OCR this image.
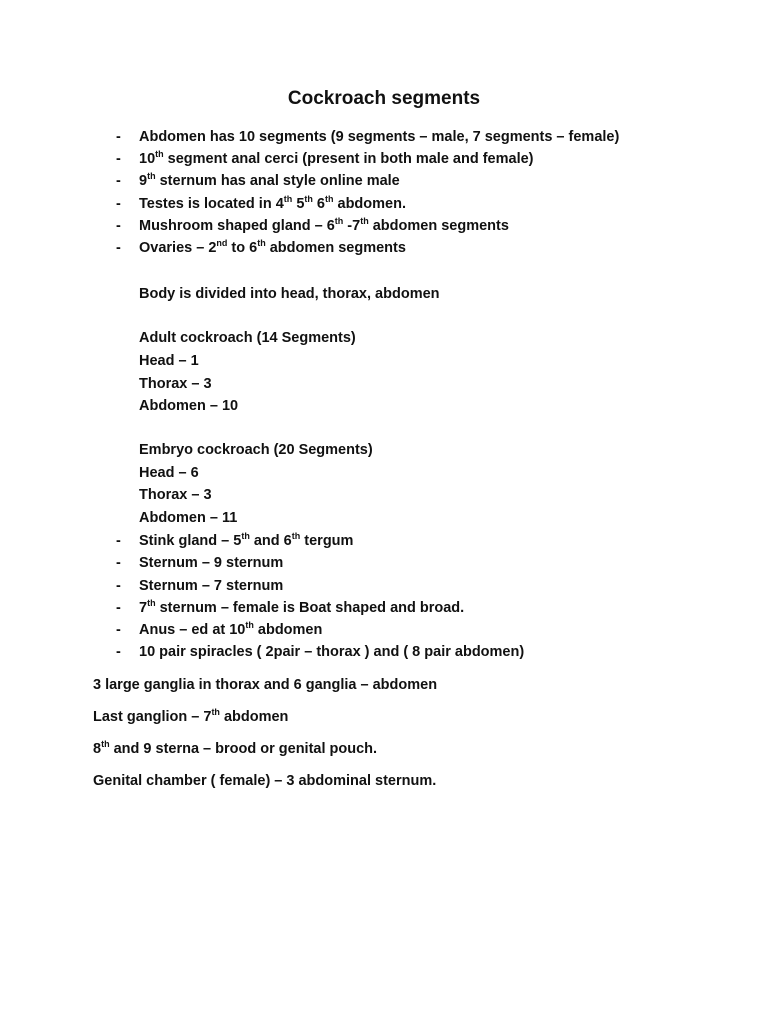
Cockroach segments
- Abdomen has 10 segments (9 segments – male, 7 segments – female)
- 10th segment anal cerci (present in both male and female)
- 9th sternum has anal style online male
- Testes is located in 4th 5th 6th abdomen.
- Mushroom shaped gland – 6th -7th abdomen segments
- Ovaries – 2nd to 6th abdomen segments
Body is divided into head, thorax, abdomen
Adult cockroach (14 Segments)
Head – 1
Thorax – 3
Abdomen – 10
Embryo cockroach (20 Segments)
Head – 6
Thorax – 3
Abdomen – 11
- Stink gland – 5th and 6th tergum
- Sternum – 9 sternum
- Sternum – 7 sternum
- 7th sternum – female is Boat shaped and broad.
- Anus – ed at 10th abdomen
- 10 pair spiracles ( 2pair – thorax ) and ( 8 pair abdomen)
3 large ganglia in thorax and 6 ganglia – abdomen
Last ganglion – 7th abdomen
8th and 9 sterna – brood or genital pouch.
Genital chamber ( female) – 3 abdominal sternum.
